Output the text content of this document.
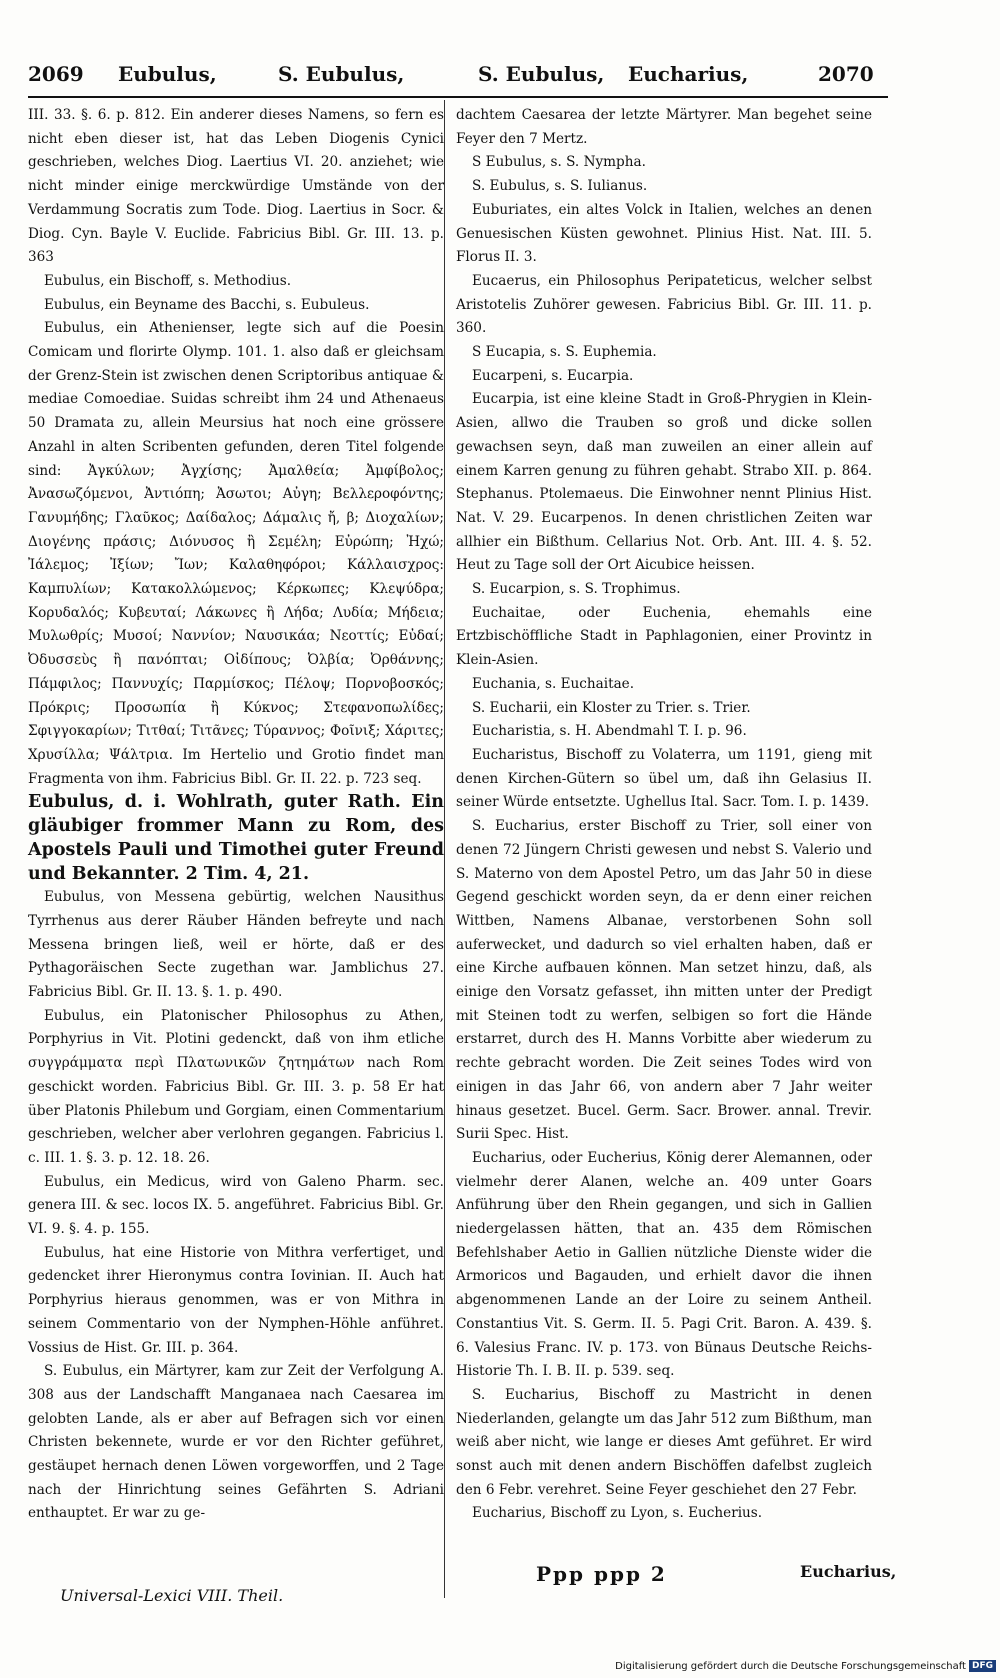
2069 Eubulus,	S. Eubulus,	S. Eubulus, Eucharius,	2070

III. 33. §. 6. p. 812. Ein anderer dieses Namens, so fern es nicht eben dieser ist, hat das Leben Diogenis Cynici geschrieben, welches Diog. Laertius VI. 20. anziehet; wie nicht minder einige merckwürdige Umstände von der Verdammung Socratis zum Tode. Diog. Laertius in Socr. & Diog. Cyn. Bayle V. Euclide. Fabricius Bibl. Gr. III. 13. p. 363

Eubulus, ein Bischoff, s. Methodius.

Eubulus, ein Beyname des Bacchi, s. Eubuleus.

Eubulus, ein Athenienser, legte sich auf die Poesin Comicam und florirte Olymp. 101. 1. also daß er gleichsam der Grenz-Stein ist zwischen denen Scriptoribus antiquae & mediae Comoediae. Suidas schreibt ihm 24 und Athenaeus 50 Dramata zu, allein Meursius hat noch eine grössere Anzahl in alten Scribenten gefunden, deren Titel folgende sind: Ἀγκύλων; Ἀγχίσης; Ἀμαλθεία; Ἀμφίβολος; Ἀνασωζόμενοι, Ἀντιόπη; Ἀσωτοι; Αὐγη; Βελλεροφόντης; Γανυμήδης; Γλαῦκος; Δαίδαλος; Δάμαλις ἤ, β; Διοχαλίων; Διογένης πράσις; Διόνυσος ἢ Σεμέλη; Εὐρώπη; Ἠχώ; Ἰάλεμος; Ἰξίων; Ἴων; Καλαθηφόροι; Κάλλαισχρος: Καμπυλίων; Κατακολλώμενος; Κέρκωπες; Κλεψύδρα; Κορυδαλός; Κυβευταί; Λάκωνες ἢ Λήδα; Λυδία; Μήδεια; Μυλωθρίς; Μυσοί; Ναννίον; Ναυσικάα; Νεοττίς; Εὐδαί; Ὀδυσσεὺς ἢ πανόπται; Οἰδίπους; Ὀλβία; Ὀρθάννης; Πάμφιλος; Παννυχίς; Παρμίσκος; Πέλοψ; Πορνοβοσκός; Πρόκρις; Προσωπία ἢ Κύκνος; Στεφανοπωλίδες; Σφιγγοκαρίων; Τιτθαί; Τιτᾶνες; Τύραννος; Φοῖνιξ; Χάριτες; Χρυσίλλα; Ψάλτρια. Im Hertelio und Grotio findet man Fragmenta von ihm. Fabricius Bibl. Gr. II. 22. p. 723 seq.

Eubulus, d. i. Wohlrath, guter Rath. Ein gläubiger frommer Mann zu Rom, des Apostels Pauli und Timothei guter Freund und Bekannter. 2 Tim. 4, 21.

Eubulus, von Messena gebürtig, welchen Nausithus Tyrrhenus aus derer Räuber Händen befreyte und nach Messena bringen ließ, weil er hörte, daß er des Pythagoräischen Secte zugethan war. Jamblichus 27. Fabricius Bibl. Gr. II. 13. §. 1. p. 490.

Eubulus, ein Platonischer Philosophus zu Athen, Porphyrius in Vit. Plotini gedenckt, daß von ihm etliche συγγράμματα περὶ Πλατωνικῶν ζητημάτων nach Rom geschickt worden. Fabricius Bibl. Gr. III. 3. p. 58 Er hat über Platonis Philebum und Gorgiam, einen Commentarium geschrieben, welcher aber verlohren gegangen. Fabricius l. c. III. 1. §. 3. p. 12. 18. 26.

Eubulus, ein Medicus, wird von Galeno Pharm. sec. genera III. & sec. locos IX. 5. angeführet. Fabricius Bibl. Gr. VI. 9. §. 4. p. 155.

Eubulus, hat eine Historie von Mithra verfertiget, und gedencket ihrer Hieronymus contra Iovinian. II. Auch hat Porphyrius hieraus genommen, was er von Mithra in seinem Commentario von der Nymphen-Höhle anführet. Vossius de Hist. Gr. III. p. 364.

S. Eubulus, ein Märtyrer, kam zur Zeit der Verfolgung A. 308 aus der Landschafft Manganaea nach Caesarea im gelobten Lande, als er aber auf Befragen sich vor einen Christen bekennete, wurde er vor den Richter geführet, gestäupet hernach denen Löwen vorgeworffen, und 2 Tage nach der Hinrichtung seines Gefährten S. Adriani enthauptet. Er war zu ge-

dachtem Caesarea der letzte Märtyrer. Man begehet seine Feyer den 7 Mertz.

S Eubulus, s. S. Nympha.

S. Eubulus, s. S. Iulianus.

Euburiates, ein altes Volck in Italien, welches an denen Genuesischen Küsten gewohnet. Plinius Hist. Nat. III. 5. Florus II. 3.

Eucaerus, ein Philosophus Peripateticus, welcher selbst Aristotelis Zuhörer gewesen. Fabricius Bibl. Gr. III. 11. p. 360.

S Eucapia, s. S. Euphemia.

Eucarpeni, s. Eucarpia.

Eucarpia, ist eine kleine Stadt in Groß-Phrygien in Klein-Asien, allwo die Trauben so groß und dicke sollen gewachsen seyn, daß man zuweilen an einer allein auf einem Karren genung zu führen gehabt. Strabo XII. p. 864. Stephanus. Ptolemaeus. Die Einwohner nennt Plinius Hist. Nat. V. 29. Eucarpenos. In denen christlichen Zeiten war allhier ein Bißthum. Cellarius Not. Orb. Ant. III. 4. §. 52. Heut zu Tage soll der Ort Aicubice heissen.

S. Eucarpion, s. S. Trophimus.

Euchaitae, oder Euchenia, ehemahls eine Ertzbischöffliche Stadt in Paphlagonien, einer Provintz in Klein-Asien.

Euchania, s. Euchaitae.

S. Eucharii, ein Kloster zu Trier. s. Trier.

Eucharistia, s. H. Abendmahl T. I. p. 96.

Eucharistus, Bischoff zu Volaterra, um 1191, gieng mit denen Kirchen-Gütern so übel um, daß ihn Gelasius II. seiner Würde entsetzte. Ughellus Ital. Sacr. Tom. I. p. 1439.

S. Eucharius, erster Bischoff zu Trier, soll einer von denen 72 Jüngern Christi gewesen und nebst S. Valerio und S. Materno von dem Apostel Petro, um das Jahr 50 in diese Gegend geschickt worden seyn, da er denn einer reichen Wittben, Namens Albanae, verstorbenen Sohn soll auferwecket, und dadurch so viel erhalten haben, daß er eine Kirche aufbauen können. Man setzet hinzu, daß, als einige den Vorsatz gefasset, ihn mitten unter der Predigt mit Steinen todt zu werfen, selbigen so fort die Hände erstarret, durch des H. Manns Vorbitte aber wiederum zu rechte gebracht worden. Die Zeit seines Todes wird von einigen in das Jahr 66, von andern aber 7 Jahr weiter hinaus gesetzet. Bucel. Germ. Sacr. Brower. annal. Trevir. Surii Spec. Hist.

Eucharius, oder Eucherius, König derer Alemannen, oder vielmehr derer Alanen, welche an. 409 unter Goars Anführung über den Rhein gegangen, und sich in Gallien niedergelassen hätten, that an. 435 dem Römischen Befehlshaber Aetio in Gallien nützliche Dienste wider die Armoricos und Bagauden, und erhielt davor die ihnen abgenommenen Lande an der Loire zu seinem Antheil. Constantius Vit. S. Germ. II. 5. Pagi Crit. Baron. A. 439. §. 6. Valesius Franc. IV. p. 173. von Bünaus Deutsche Reichs-Historie Th. I. B. II. p. 539. seq.

S. Eucharius, Bischoff zu Mastricht in denen Niederlanden, gelangte um das Jahr 512 zum Bißthum, man weiß aber nicht, wie lange er dieses Amt geführet. Er wird sonst auch mit denen andern Bischöffen dafelbst zugleich den 6 Febr. verehret. Seine Feyer geschiehet den 27 Febr.

Eucharius, Bischoff zu Lyon, s. Eucherius.

Universal-Lexici VIII. Theil.
Ppp ppp 2	Eucharius,
Digitalisierung gefördert durch die Deutsche Forschungsgemeinschaft DFG
